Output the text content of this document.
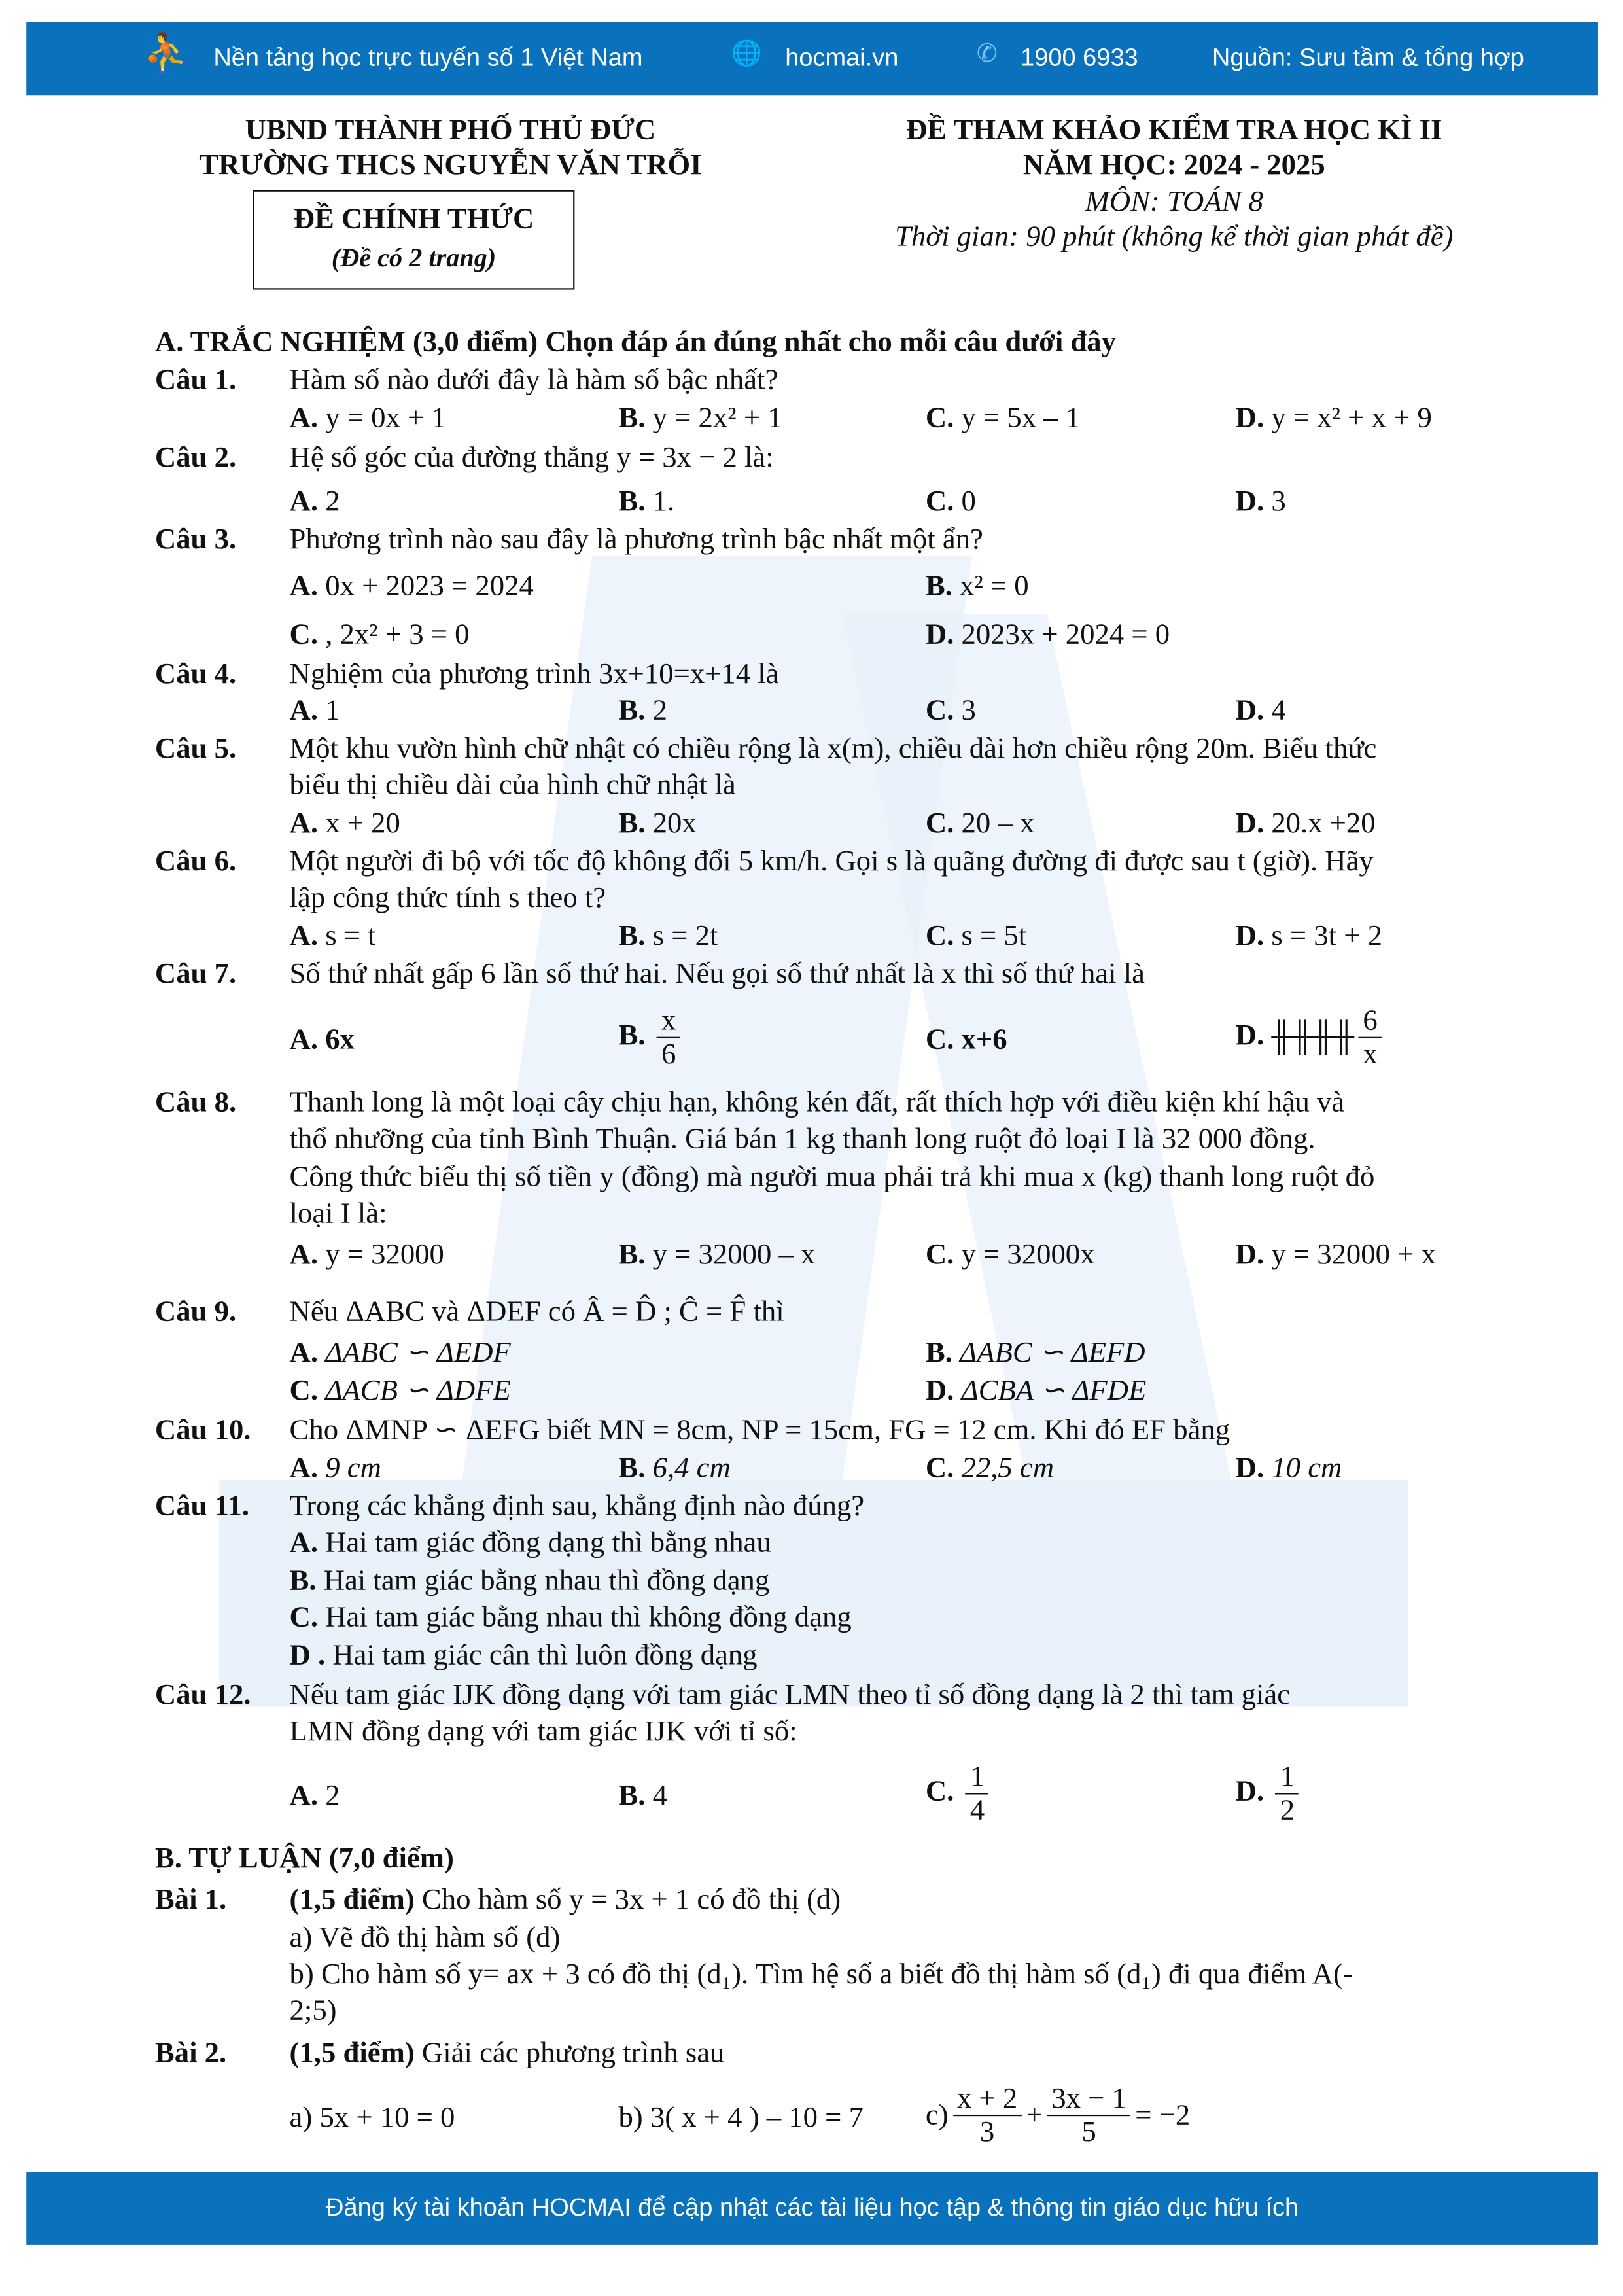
⛹ Nền tảng học trực tuyến số 1 Việt Nam	🌐 hocmai.vn	✆ 1900 6933	Nguồn: Sưu tầm & tổng hợp
UBND THÀNH PHỐ THỦ ĐỨC
TRƯỜNG THCS NGUYỄN VĂN TRỖI
ĐỀ CHÍNH THỨC
(Đề có 2 trang)
ĐỀ THAM KHẢO KIỂM TRA HỌC KÌ II
NĂM HỌC: 2024 - 2025
MÔN: TOÁN 8
Thời gian: 90 phút (không kể thời gian phát đề)
A. TRẮC NGHIỆM (3,0 điểm) Chọn đáp án đúng nhất cho mỗi câu dưới đây
Câu 1.	Hàm số nào dưới đây là hàm số bậc nhất?
A. y = 0x + 1	B. y = 2x² + 1	C. y = 5x – 1	D. y = x² + x + 9
Câu 2.	Hệ số góc của đường thẳng y = 3x − 2 là:
A. 2	B. 1.	C. 0	D. 3
Câu 3.	Phương trình nào sau đây là phương trình bậc nhất một ẩn?
A. 0x + 2023 = 2024	B. x² = 0
C. , 2x² + 3 = 0	D. 2023x + 2024 = 0
Câu 4.	Nghiệm của phương trình 3x+10=x+14 là
A. 1	B. 2	C. 3	D. 4
Câu 5.	Một khu vườn hình chữ nhật có chiều rộng là x(m), chiều dài hơn chiều rộng 20m. Biểu thức
biểu thị chiều dài của hình chữ nhật là
A. x + 20	B. 20x	C. 20 – x	D. 20.x +20
Câu 6.	Một người đi bộ với tốc độ không đổi 5 km/h. Gọi s là quãng đường đi được sau t (giờ). Hãy
lập công thức tính s theo t?
A. s = t	B. s = 2t	C. s = 5t	D. s = 3t + 2
Câu 7.	Số thứ nhất gấp 6 lần số thứ hai. Nếu gọi số thứ nhất là x thì số thứ hai là
A. 6x	B. $\frac{x}{6}$	C. x+6	D. ╫╫╫╫ $\frac{6}{x}$
Câu 8.	Thanh long là một loại cây chịu hạn, không kén đất, rất thích hợp với điều kiện khí hậu và
thổ nhưỡng của tỉnh Bình Thuận. Giá bán 1 kg thanh long ruột đỏ loại I là 32 000 đồng.
Công thức biểu thị số tiền y (đồng) mà người mua phải trả khi mua x (kg) thanh long ruột đỏ
loại I là:
A. y = 32000	B. y = 32000 – x	C. y = 32000x	D. y = 32000 + x
Câu 9.	Nếu ΔABC và ΔDEF có Â = D̂ ; Ĉ = F̂ thì
A. ΔABC ∽ ΔEDF	B. ΔABC ∽ ΔEFD
C. ΔACB ∽ ΔDFE	D. ΔCBA ∽ ΔFDE
Câu 10.	Cho ΔMNP ∽ ΔEFG biết MN = 8cm, NP = 15cm, FG = 12 cm. Khi đó EF bằng
A. 9 cm	B. 6,4 cm	C. 22,5 cm	D. 10 cm
Câu 11.	Trong các khẳng định sau, khẳng định nào đúng?
A. Hai tam giác đồng dạng thì bằng nhau
B. Hai tam giác bằng nhau thì đồng dạng
C. Hai tam giác bằng nhau thì không đồng dạng
D . Hai tam giác cân thì luôn đồng dạng
Câu 12.	Nếu tam giác IJK đồng dạng với tam giác LMN theo tỉ số đồng dạng là 2 thì tam giác
LMN đồng dạng với tam giác IJK với tỉ số:
A. 2	B. 4	C. $\frac{1}{4}$	D. $\frac{1}{2}$
B. TỰ LUẬN (7,0 điểm)
Bài 1.	(1,5 điểm) Cho hàm số y = 3x + 1 có đồ thị (d)
a) Vẽ đồ thị hàm số (d)
b) Cho hàm số y= ax + 3 có đồ thị (d₁). Tìm hệ số a biết đồ thị hàm số (d₁) đi qua điểm A(-
2;5)
Bài 2.	(1,5 điểm) Giải các phương trình sau
a) 5x + 10 = 0	b) 3( x + 4 ) – 10 = 7	$c) \frac{x + 2}{3} + \frac{3x - 1}{5} = -2$
Đăng ký tài khoản HOCMAI để cập nhật các tài liệu học tập & thông tin giáo dục hữu ích
